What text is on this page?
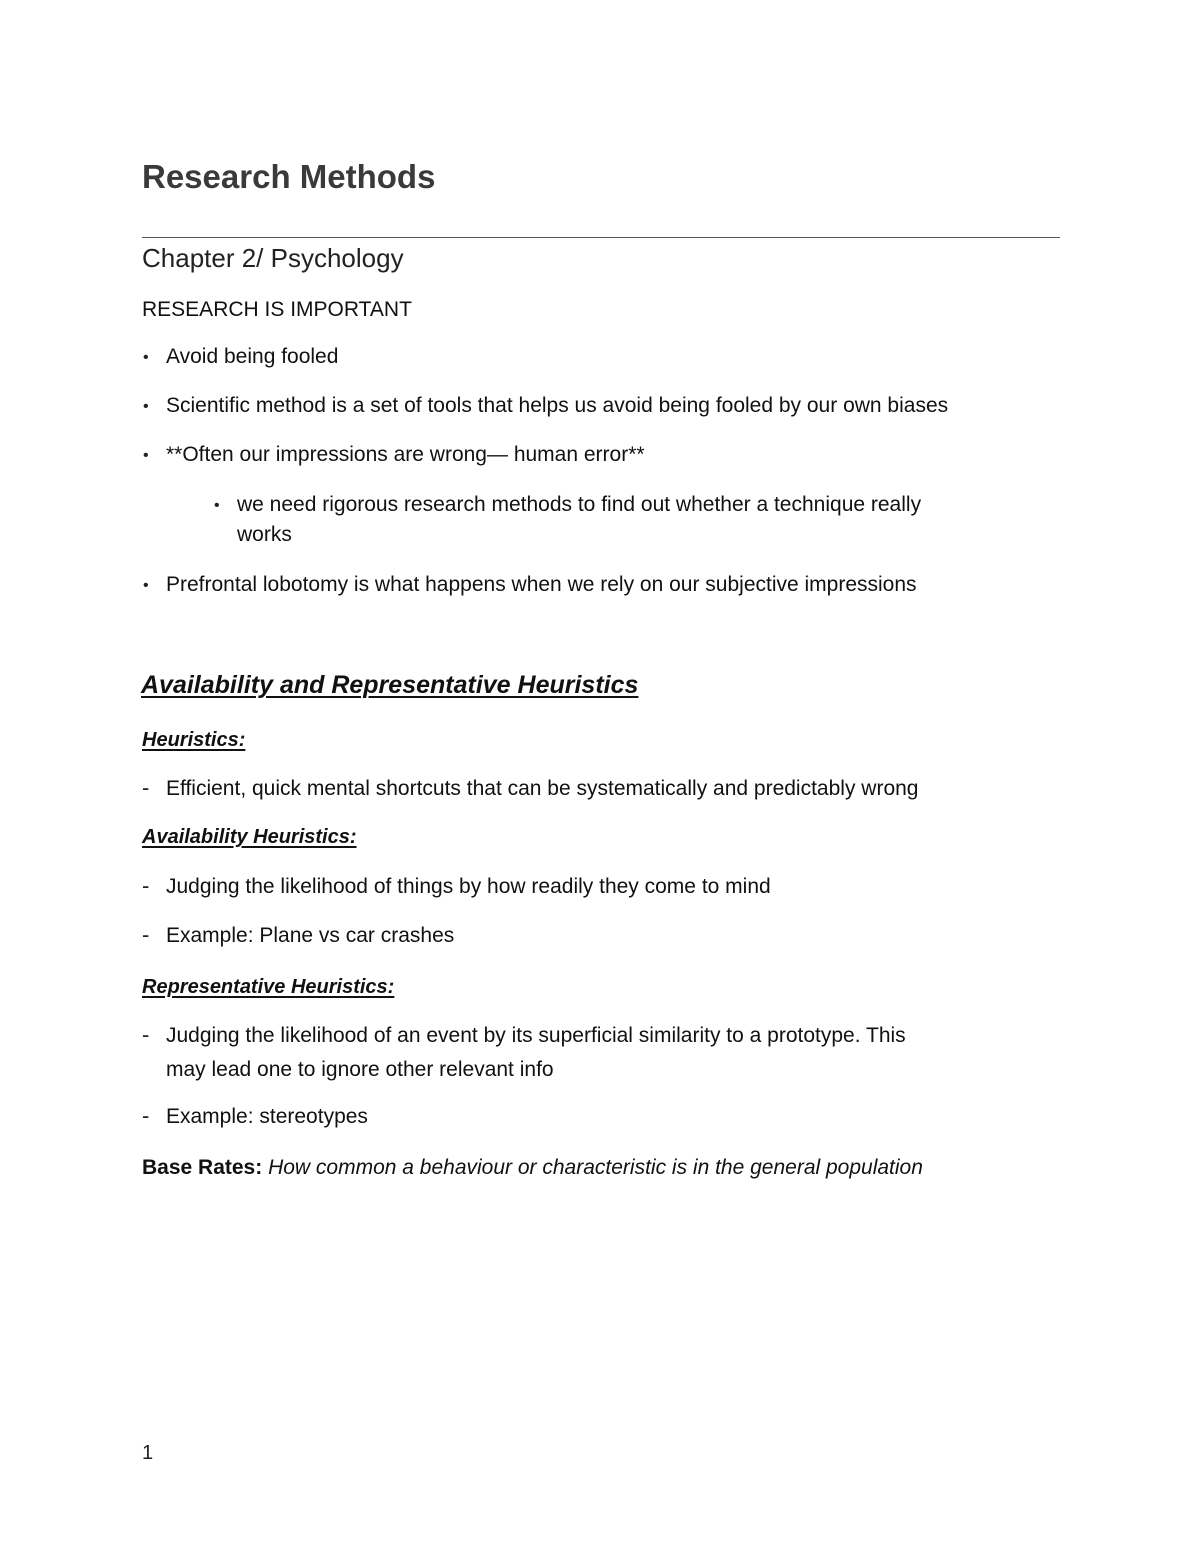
Research Methods
Chapter 2/ Psychology
RESEARCH IS IMPORTANT
• Avoid being fooled
• Scientific method is a set of tools that helps us avoid being fooled by our own biases
• **Often our impressions are wrong— human error**
• we need rigorous research methods to find out whether a technique really
works
• Prefrontal lobotomy is what happens when we rely on our subjective impressions
Availability and Representative Heuristics
Heuristics:
- Efficient, quick mental shortcuts that can be systematically and predictably wrong
Availability Heuristics:
- Judging the likelihood of things by how readily they come to mind
- Example: Plane vs car crashes
Representative Heuristics:
- Judging the likelihood of an event by its superficial similarity to a prototype. This
may lead one to ignore other relevant info
- Example: stereotypes
Base Rates: How common a behaviour or characteristic is in the general population
1
